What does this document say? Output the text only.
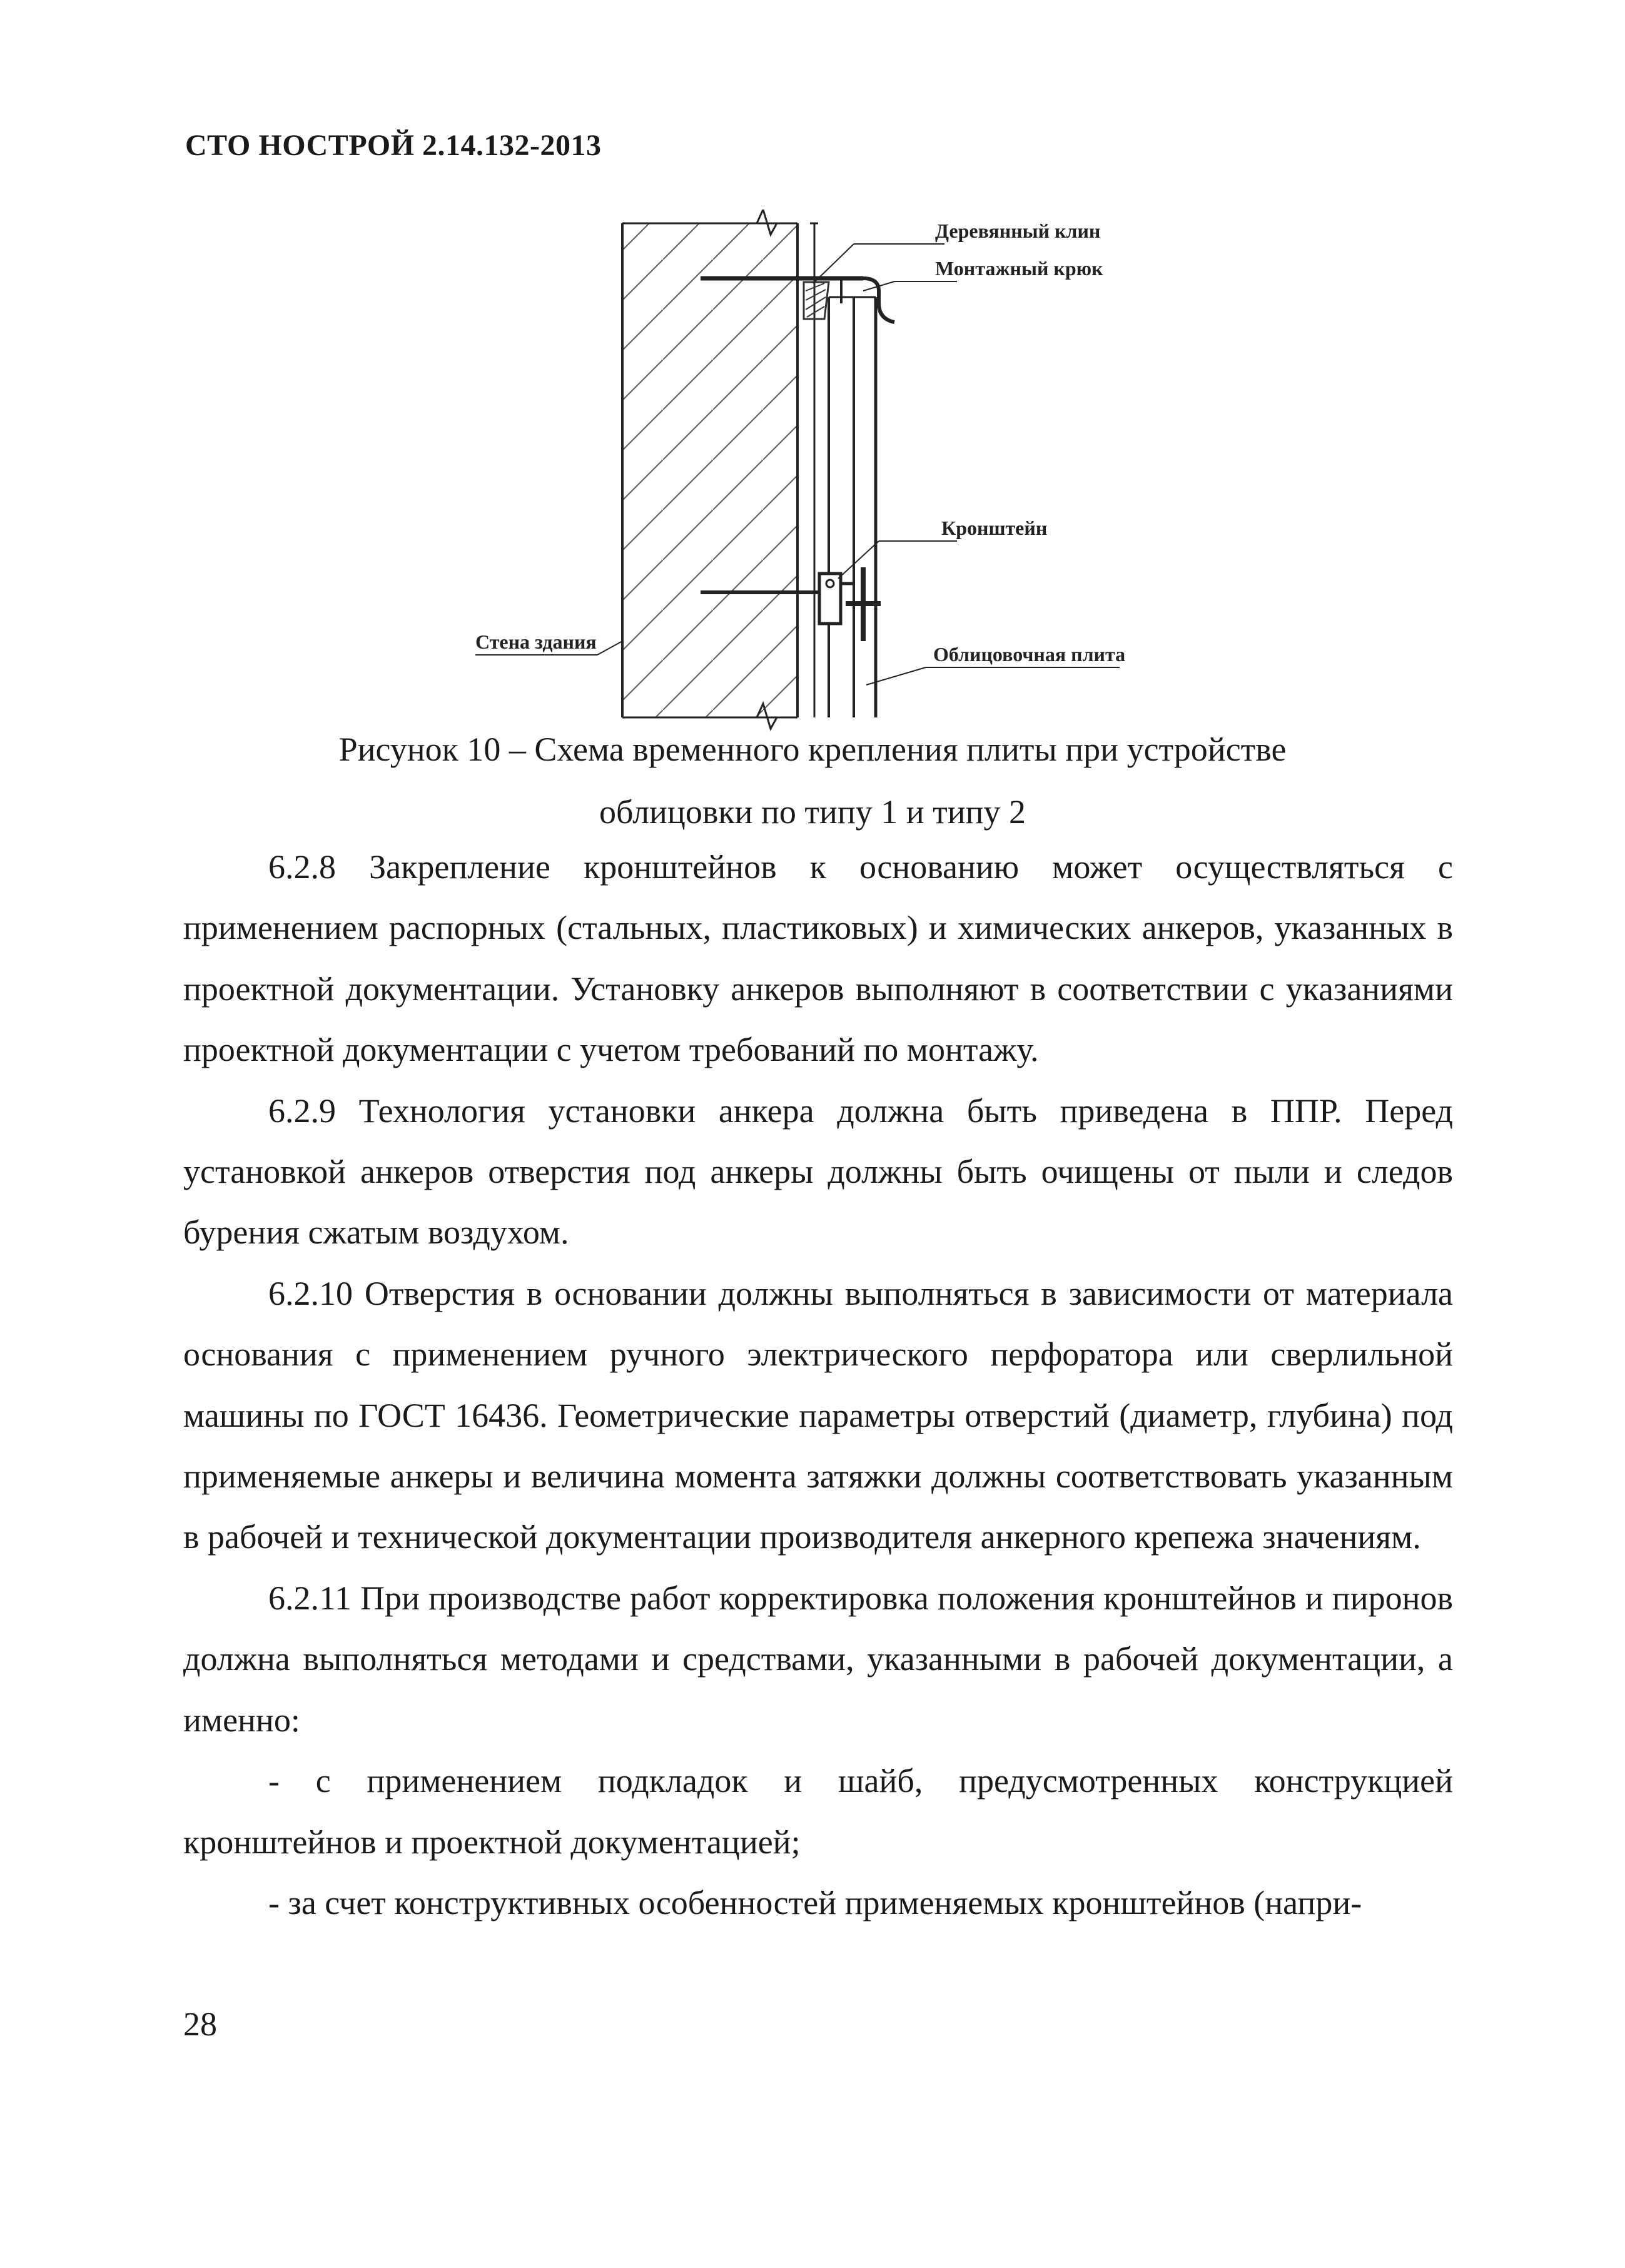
СТО НОСТРОЙ 2.14.132-2013
Деревянный клин
Монтажный крюк
Кронштейн
Стена здания
Облицовочная плита
Рисунок 10 – Схема временного крепления плиты при устройстве
облицовки по типу 1 и типу 2

6.2.8 Закрепление кронштейнов к основанию может осуществляться с применением распорных (стальных, пластиковых) и химических анкеров, указанных в проектной документации. Установку анкеров выполняют в соответствии с указаниями проектной документации с учетом требований по монтажу.

6.2.9 Технология установки анкера должна быть приведена в ППР. Перед установкой анкеров отверстия под анкеры должны быть очищены от пыли и следов бурения сжатым воздухом.

6.2.10 Отверстия в основании должны выполняться в зависимости от материала основания с применением ручного электрического перфоратора или сверлильной машины по ГОСТ 16436. Геометрические параметры отверстий (диаметр, глубина) под применяемые анкеры и величина момента затяжки должны соответствовать указанным в рабочей и технической документации производителя анкерного крепежа значениям.

6.2.11 При производстве работ корректировка положения кронштейнов и пиронов должна выполняться методами и средствами, указанными в рабочей документации, а именно:

- с применением подкладок и шайб, предусмотренных конструкцией кронштейнов и проектной документацией;

- за счет конструктивных особенностей применяемых кронштейнов (напри-

28
